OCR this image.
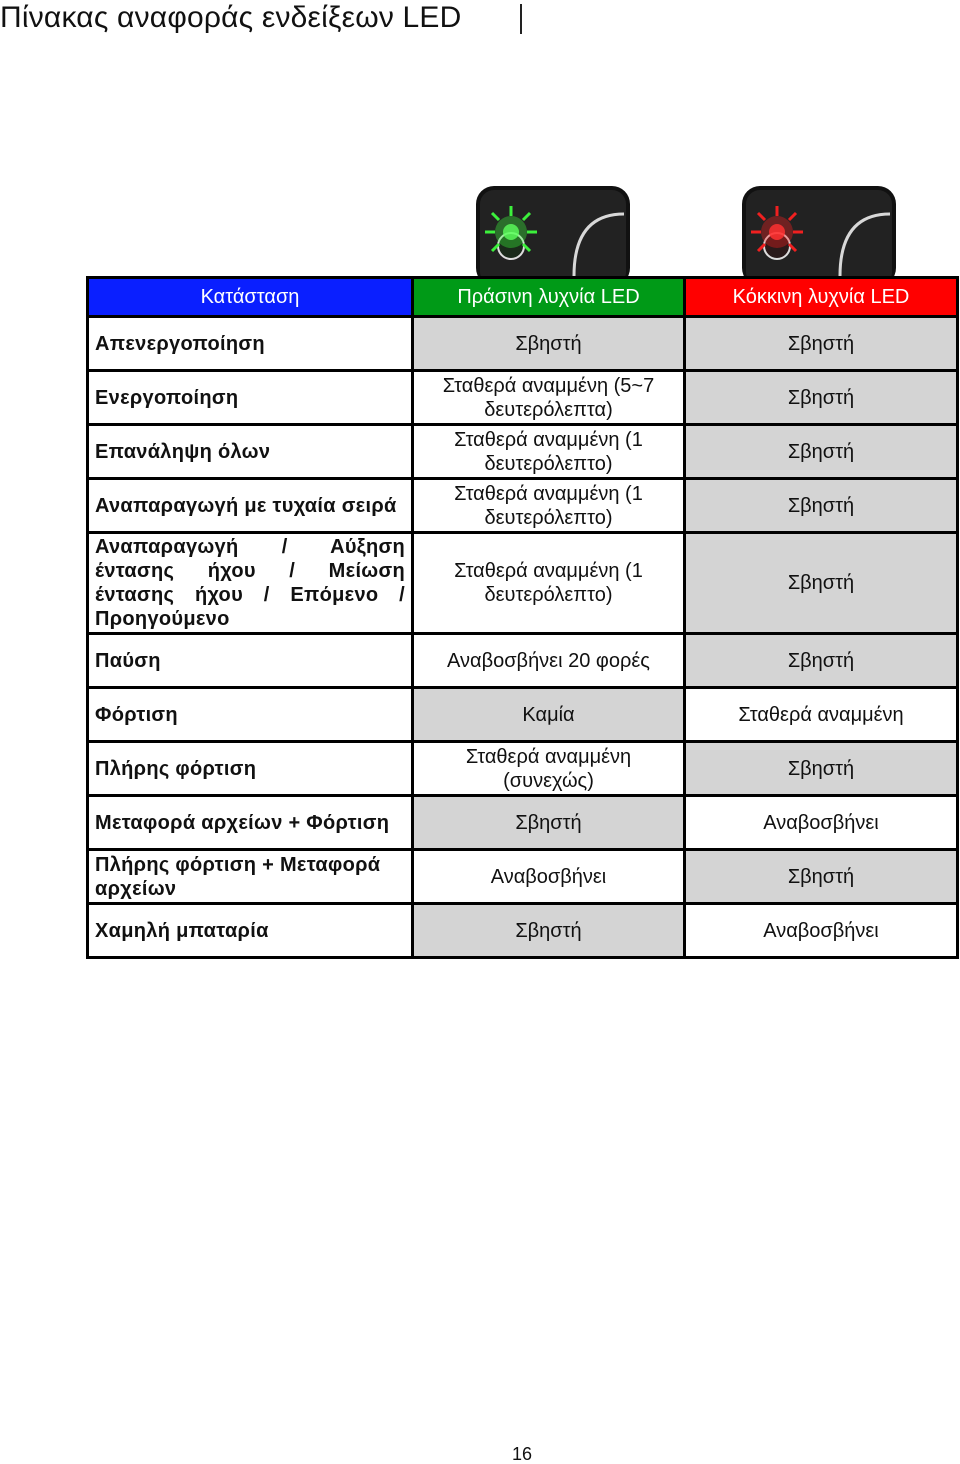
Πίνακας αναφοράς ενδείξεων LED
Κατάσταση	Πράσινη λυχνία LED	Κόκκινη λυχνία LED
Απενεργοποίηση	Σβηστή	Σβηστή
Ενεργοποίηση	Σταθερά αναμμένη (5~7 δευτερόλεπτα)	Σβηστή
Επανάληψη όλων	Σταθερά αναμμένη (1 δευτερόλεπτο)	Σβηστή
Αναπαραγωγή με τυχαία σειρά	Σταθερά αναμμένη (1 δευτερόλεπτο)	Σβηστή
Αναπαραγωγή / Αύξηση έντασης ήχου / Μείωση έντασης ήχου / Επόμενο / Προηγούμενο	Σταθερά αναμμένη (1 δευτερόλεπτο)	Σβηστή
Παύση	Αναβοσβήνει 20 φορές	Σβηστή
Φόρτιση	Καμία	Σταθερά αναμμένη
Πλήρης φόρτιση	Σταθερά αναμμένη (συνεχώς)	Σβηστή
Μεταφορά αρχείων + Φόρτιση	Σβηστή	Αναβοσβήνει
Πλήρης φόρτιση + Μεταφορά αρχείων	Αναβοσβήνει	Σβηστή
Χαμηλή μπαταρία	Σβηστή	Αναβοσβήνει
16
